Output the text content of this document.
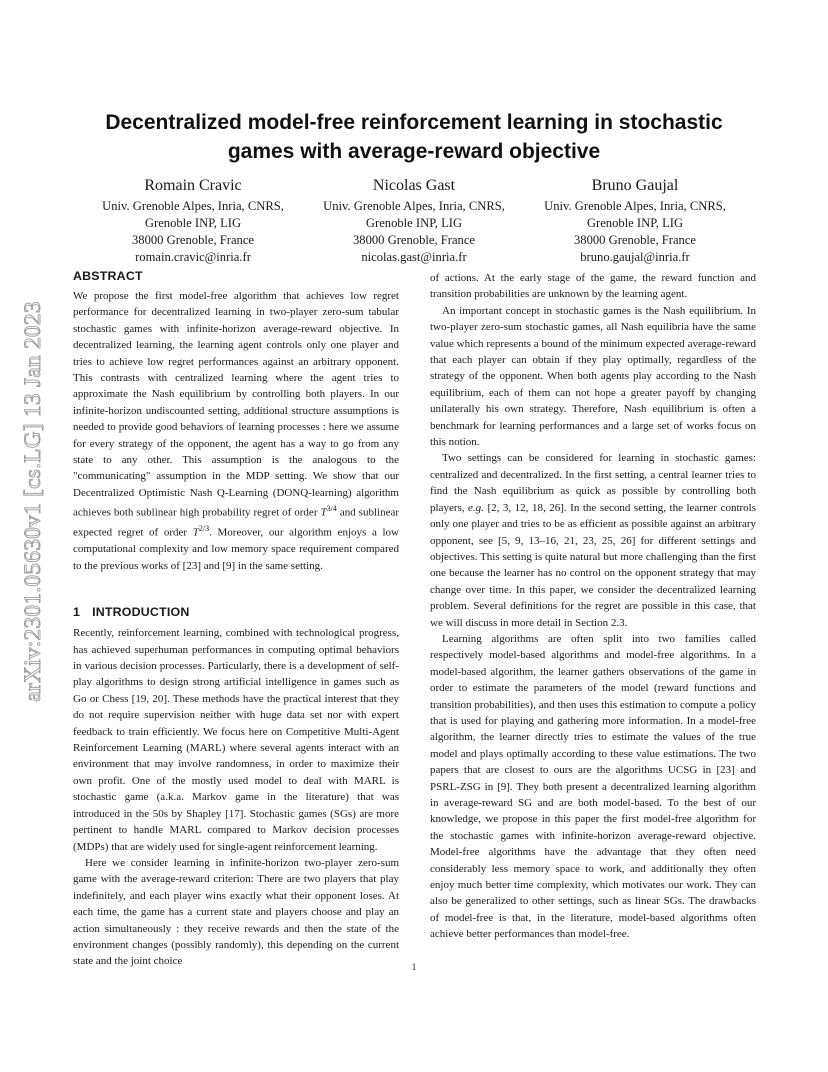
arXiv:2301.05630v1 [cs.LG] 13 Jan 2023
Decentralized model-free reinforcement learning in stochastic
games with average-reward objective
Romain Cravic
Univ. Grenoble Alpes, Inria, CNRS,
Grenoble INP, LIG
38000 Grenoble, France
romain.cravic@inria.fr
Nicolas Gast
Univ. Grenoble Alpes, Inria, CNRS,
Grenoble INP, LIG
38000 Grenoble, France
nicolas.gast@inria.fr
Bruno Gaujal
Univ. Grenoble Alpes, Inria, CNRS,
Grenoble INP, LIG
38000 Grenoble, France
bruno.gaujal@inria.fr
ABSTRACT

We propose the first model-free algorithm that achieves low regret performance for decentralized learning in two-player zero-sum tabular stochastic games with infinite-horizon average-reward objective. In decentralized learning, the learning agent controls only one player and tries to achieve low regret performances against an arbitrary opponent. This contrasts with centralized learning where the agent tries to approximate the Nash equilibrium by controlling both players. In our infinite-horizon undiscounted setting, additional structure assumptions is needed to provide good behaviors of learning processes : here we assume for every strategy of the opponent, the agent has a way to go from any state to any other. This assumption is the analogous to the "communicating" assumption in the MDP setting. We show that our Decentralized Optimistic Nash Q-Learning (DONQ-learning) algorithm achieves both sublinear high probability regret of order $T^{3/4}$ and sublinear expected regret of order $T^{2/3}$. Moreover, our algorithm enjoys a low computational complexity and low memory space requirement compared to the previous works of [23] and [9] in the same setting.

1 INTRODUCTION

Recently, reinforcement learning, combined with technological progress, has achieved superhuman performances in computing optimal behaviors in various decision processes. Particularly, there is a development of self-play algorithms to design strong artificial intelligence in games such as Go or Chess [19, 20]. These methods have the practical interest that they do not require supervision neither with huge data set nor with expert feedback to train efficiently. We focus here on Competitive Multi-Agent Reinforcement Learning (MARL) where several agents interact with an environment that may involve randomness, in order to maximize their own profit. One of the mostly used model to deal with MARL is stochastic game (a.k.a. Markov game in the literature) that was introduced in the 50s by Shapley [17]. Stochastic games (SGs) are more pertinent to handle MARL compared to Markov decision processes (MDPs) that are widely used for single-agent reinforcement learning.

Here we consider learning in infinite-horizon two-player zero-sum game with the average-reward criterion: There are two players that play indefinitely, and each player wins exactly what their opponent loses. At each time, the game has a current state and players choose and play an action simultaneously : they receive rewards and then the state of the environment changes (possibly randomly), this depending on the current state and the joint choice

of actions. At the early stage of the game, the reward function and transition probabilities are unknown by the learning agent.

An important concept in stochastic games is the Nash equilibrium. In two-player zero-sum stochastic games, all Nash equilibria have the same value which represents a bound of the minimum expected average-reward that each player can obtain if they play optimally, regardless of the strategy of the opponent. When both agents play according to the Nash equilibrium, each of them can not hope a greater payoff by changing unilaterally his own strategy. Therefore, Nash equilibrium is often a benchmark for learning performances and a large set of works focus on this notion.

Two settings can be considered for learning in stochastic games: centralized and decentralized. In the first setting, a central learner tries to find the Nash equilibrium as quick as possible by controlling both players, e.g. [2, 3, 12, 18, 26]. In the second setting, the learner controls only one player and tries to be as efficient as possible against an arbitrary opponent, see [5, 9, 13–16, 21, 23, 25, 26] for different settings and objectives. This setting is quite natural but more challenging than the first one because the learner has no control on the opponent strategy that may change over time. In this paper, we consider the decentralized learning problem. Several definitions for the regret are possible in this case, that we will discuss in more detail in Section 2.3.

Learning algorithms are often split into two families called respectively model-based algorithms and model-free algorithms. In a model-based algorithm, the learner gathers observations of the game in order to estimate the parameters of the model (reward functions and transition probabilities), and then uses this estimation to compute a policy that is used for playing and gathering more information. In a model-free algorithm, the learner directly tries to estimate the values of the true model and plays optimally according to these value estimations. The two papers that are closest to ours are the algorithms UCSG in [23] and PSRL-ZSG in [9]. They both present a decentralized learning algorithm in average-reward SG and are both model-based. To the best of our knowledge, we propose in this paper the first model-free algorithm for the stochastic games with infinite-horizon average-reward objective. Model-free algorithms have the advantage that they often need considerably less memory space to work, and additionally they often enjoy much better time complexity, which motivates our work. They can also be generalized to other settings, such as linear SGs. The drawbacks of model-free is that, in the literature, model-based algorithms often achieve better performances than model-free.

1
